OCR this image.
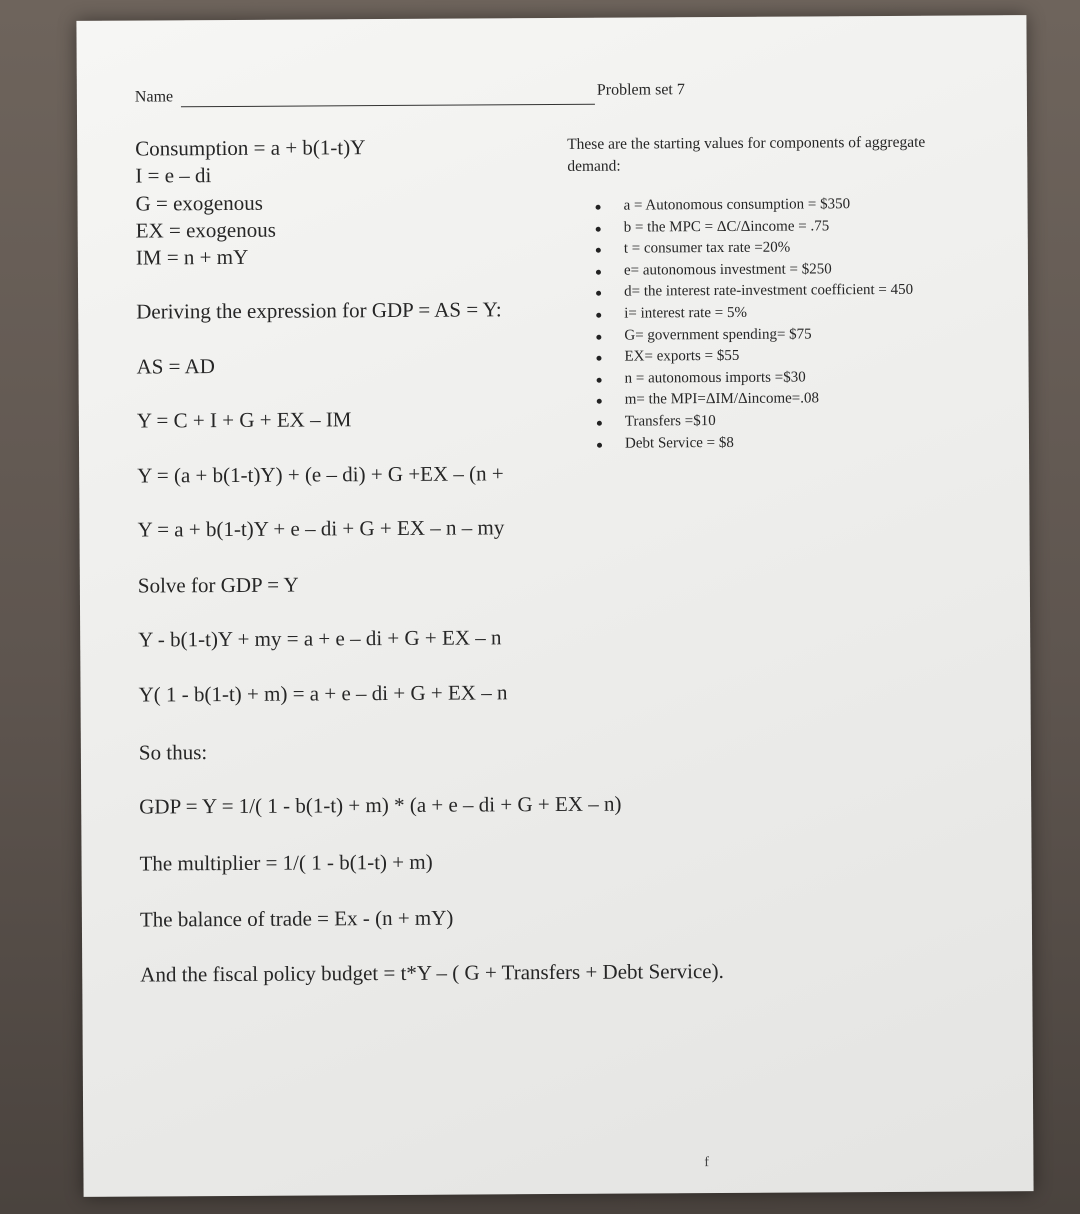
Name	Problem set 7
Consumption = a + b(1-t)Y
I = e – di
G = exogenous
EX = exogenous
IM = n + mY
Deriving the expression for GDP = AS = Y:
AS = AD
Y = C + I + G + EX – IM
Y = (a + b(1-t)Y) + (e – di) + G +EX – (n +
Y = a + b(1-t)Y + e – di + G + EX – n – my
Solve for GDP = Y
Y - b(1-t)Y + my = a + e – di + G + EX – n
Y( 1 - b(1-t) + m) = a + e – di + G + EX – n
So thus:
GDP = Y = 1/( 1 - b(1-t) + m) * (a + e – di + G + EX – n)
The multiplier = 1/( 1 - b(1-t) + m)
The balance of trade = Ex - (n + mY)
And the fiscal policy budget = t*Y – ( G + Transfers + Debt Service).
These are the starting values for components of aggregate demand:
a = Autonomous consumption = $350
b = the MPC = ΔC/Δincome = .75
t = consumer tax rate =20%
e= autonomous investment = $250
d= the interest rate-investment coefficient = 450
i= interest rate = 5%
G= government spending= $75
EX= exports = $55
n = autonomous imports =$30
m= the MPI=ΔIM/Δincome=.08
Transfers =$10
Debt Service = $8
f
